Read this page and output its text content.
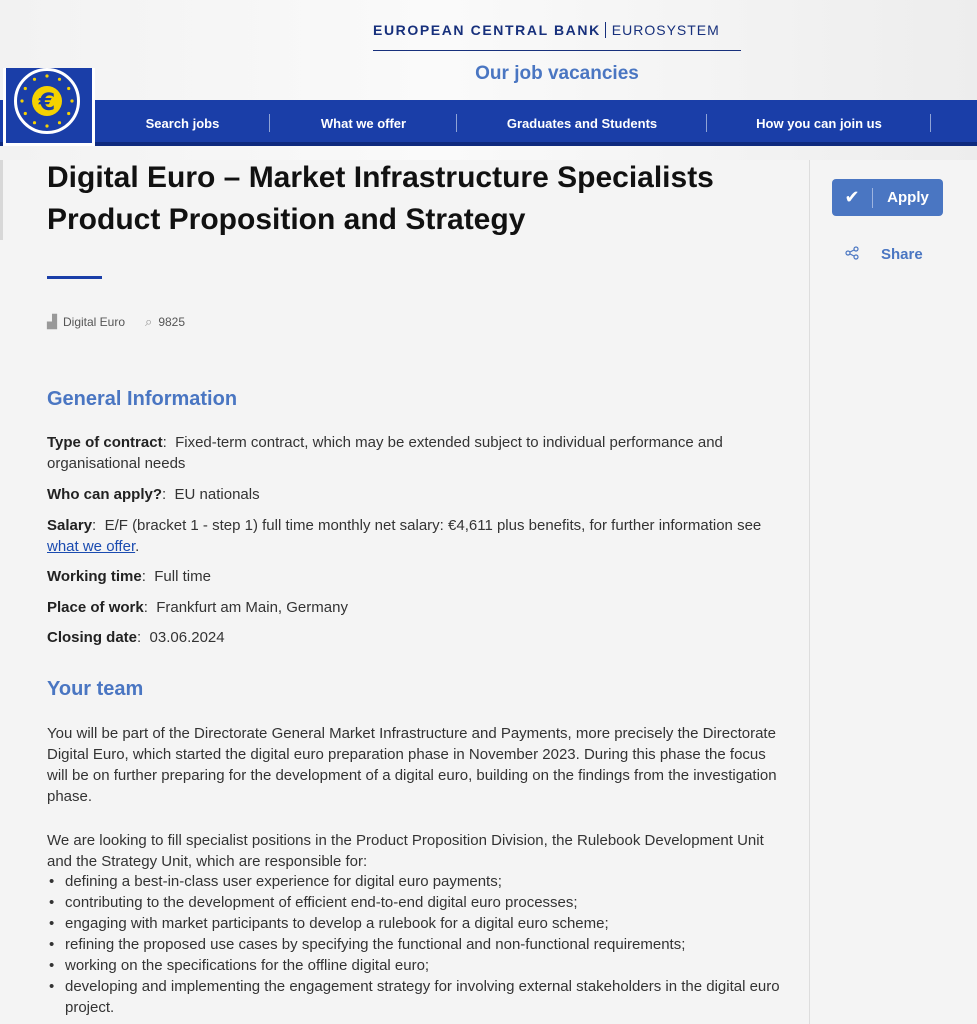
EUROPEAN CENTRAL BANK EUROSYSTEM
Our job vacancies
€
Search jobs	What we offer	Graduates and Students	How you can join us
Digital Euro – Market Infrastructure Specialists
Product Proposition and Strategy
▟ Digital Euro ⌕ 9825
General Information
Type of contract:  Fixed-term contract, which may be extended subject to individual performance and organisational needs
Who can apply?:  EU nationals
Salary:  E/F (bracket 1 - step 1) full time monthly net salary: €4,611 plus benefits, for further information see what we offer.
Working time:  Full time
Place of work:  Frankfurt am Main, Germany
Closing date:  03.06.2024
Your team
You will be part of the Directorate General Market Infrastructure and Payments, more precisely the Directorate Digital Euro, which started the digital euro preparation phase in November 2023. During this phase the focus will be on further preparing for the development of a digital euro, building on the findings from the investigation phase.
We are looking to fill specialist positions in the Product Proposition Division, the Rulebook Development Unit and the Strategy Unit, which are responsible for:
• defining a best-in-class user experience for digital euro payments;
• contributing to the development of efficient end-to-end digital euro processes;
• engaging with market participants to develop a rulebook for a digital euro scheme;
• refining the proposed use cases by specifying the functional and non-functional requirements;
• working on the specifications for the offline digital euro;
• developing and implementing the engagement strategy for involving external stakeholders in the digital euro project.
✔	Apply
Share
